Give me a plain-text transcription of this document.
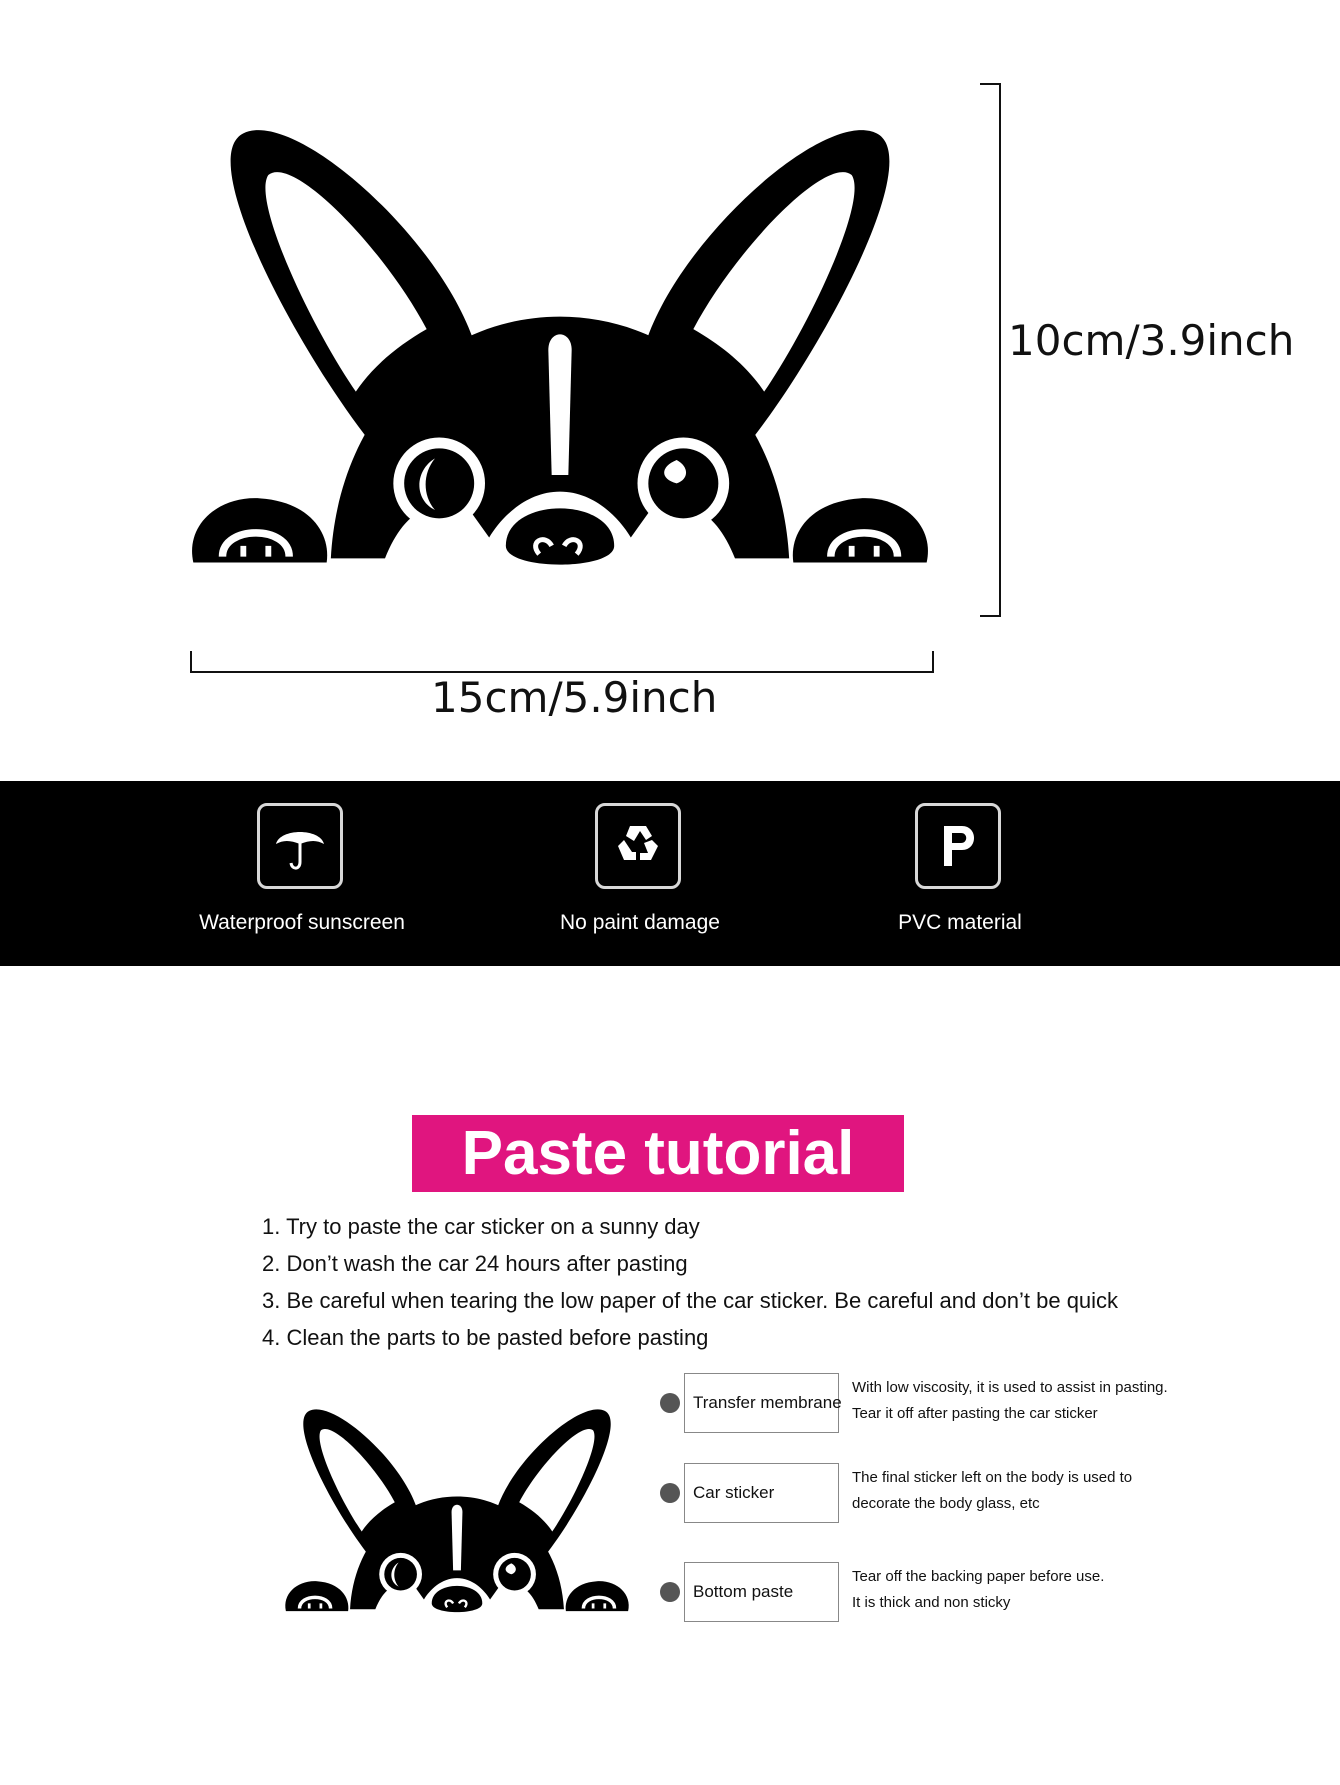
10cm/3.9inch
15cm/5.9inch
Waterproof sunscreen	No paint damage	PVC material
Paste tutorial
1. Try to paste the car sticker on a sunny day
2. Don’t wash the car 24 hours after pasting
3. Be careful when tearing the low paper of the car sticker. Be careful and don’t be quick
4. Clean the parts to be pasted before pasting
Transfer membrane
With low viscosity, it is used to assist in pasting.
Tear it off after pasting the car sticker
Car sticker
The final sticker left on the body is used to
decorate the body glass, etc
Bottom paste
Tear off the backing paper before use.
It is thick and non sticky
